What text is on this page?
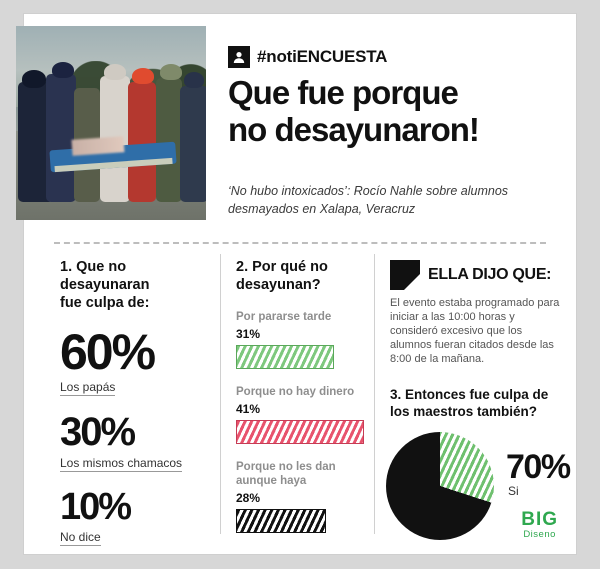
#notiENCUESTA
Que fue porque
no desayunaron!
‘No hubo intoxicados’: Rocío Nahle sobre alumnos desmayados en Xalapa, Veracruz
1. Que no
desayunaran
fue culpa de:
60%
Los papás
30%
Los mismos chamacos
10%
No dice
2. Por qué no
desayunan?
Por pararse tarde
31%
Porque no hay dinero
41%
Porque no les dan aunque haya
28%
ELLA DIJO QUE:
El evento estaba programado para iniciar a las 10:00 horas y consideró excesivo que los alumnos fueran citados desde las 8:00 de la mañana.
3. Entonces fue culpa de los maestros también?
70%
Si
BIG
Diseno
